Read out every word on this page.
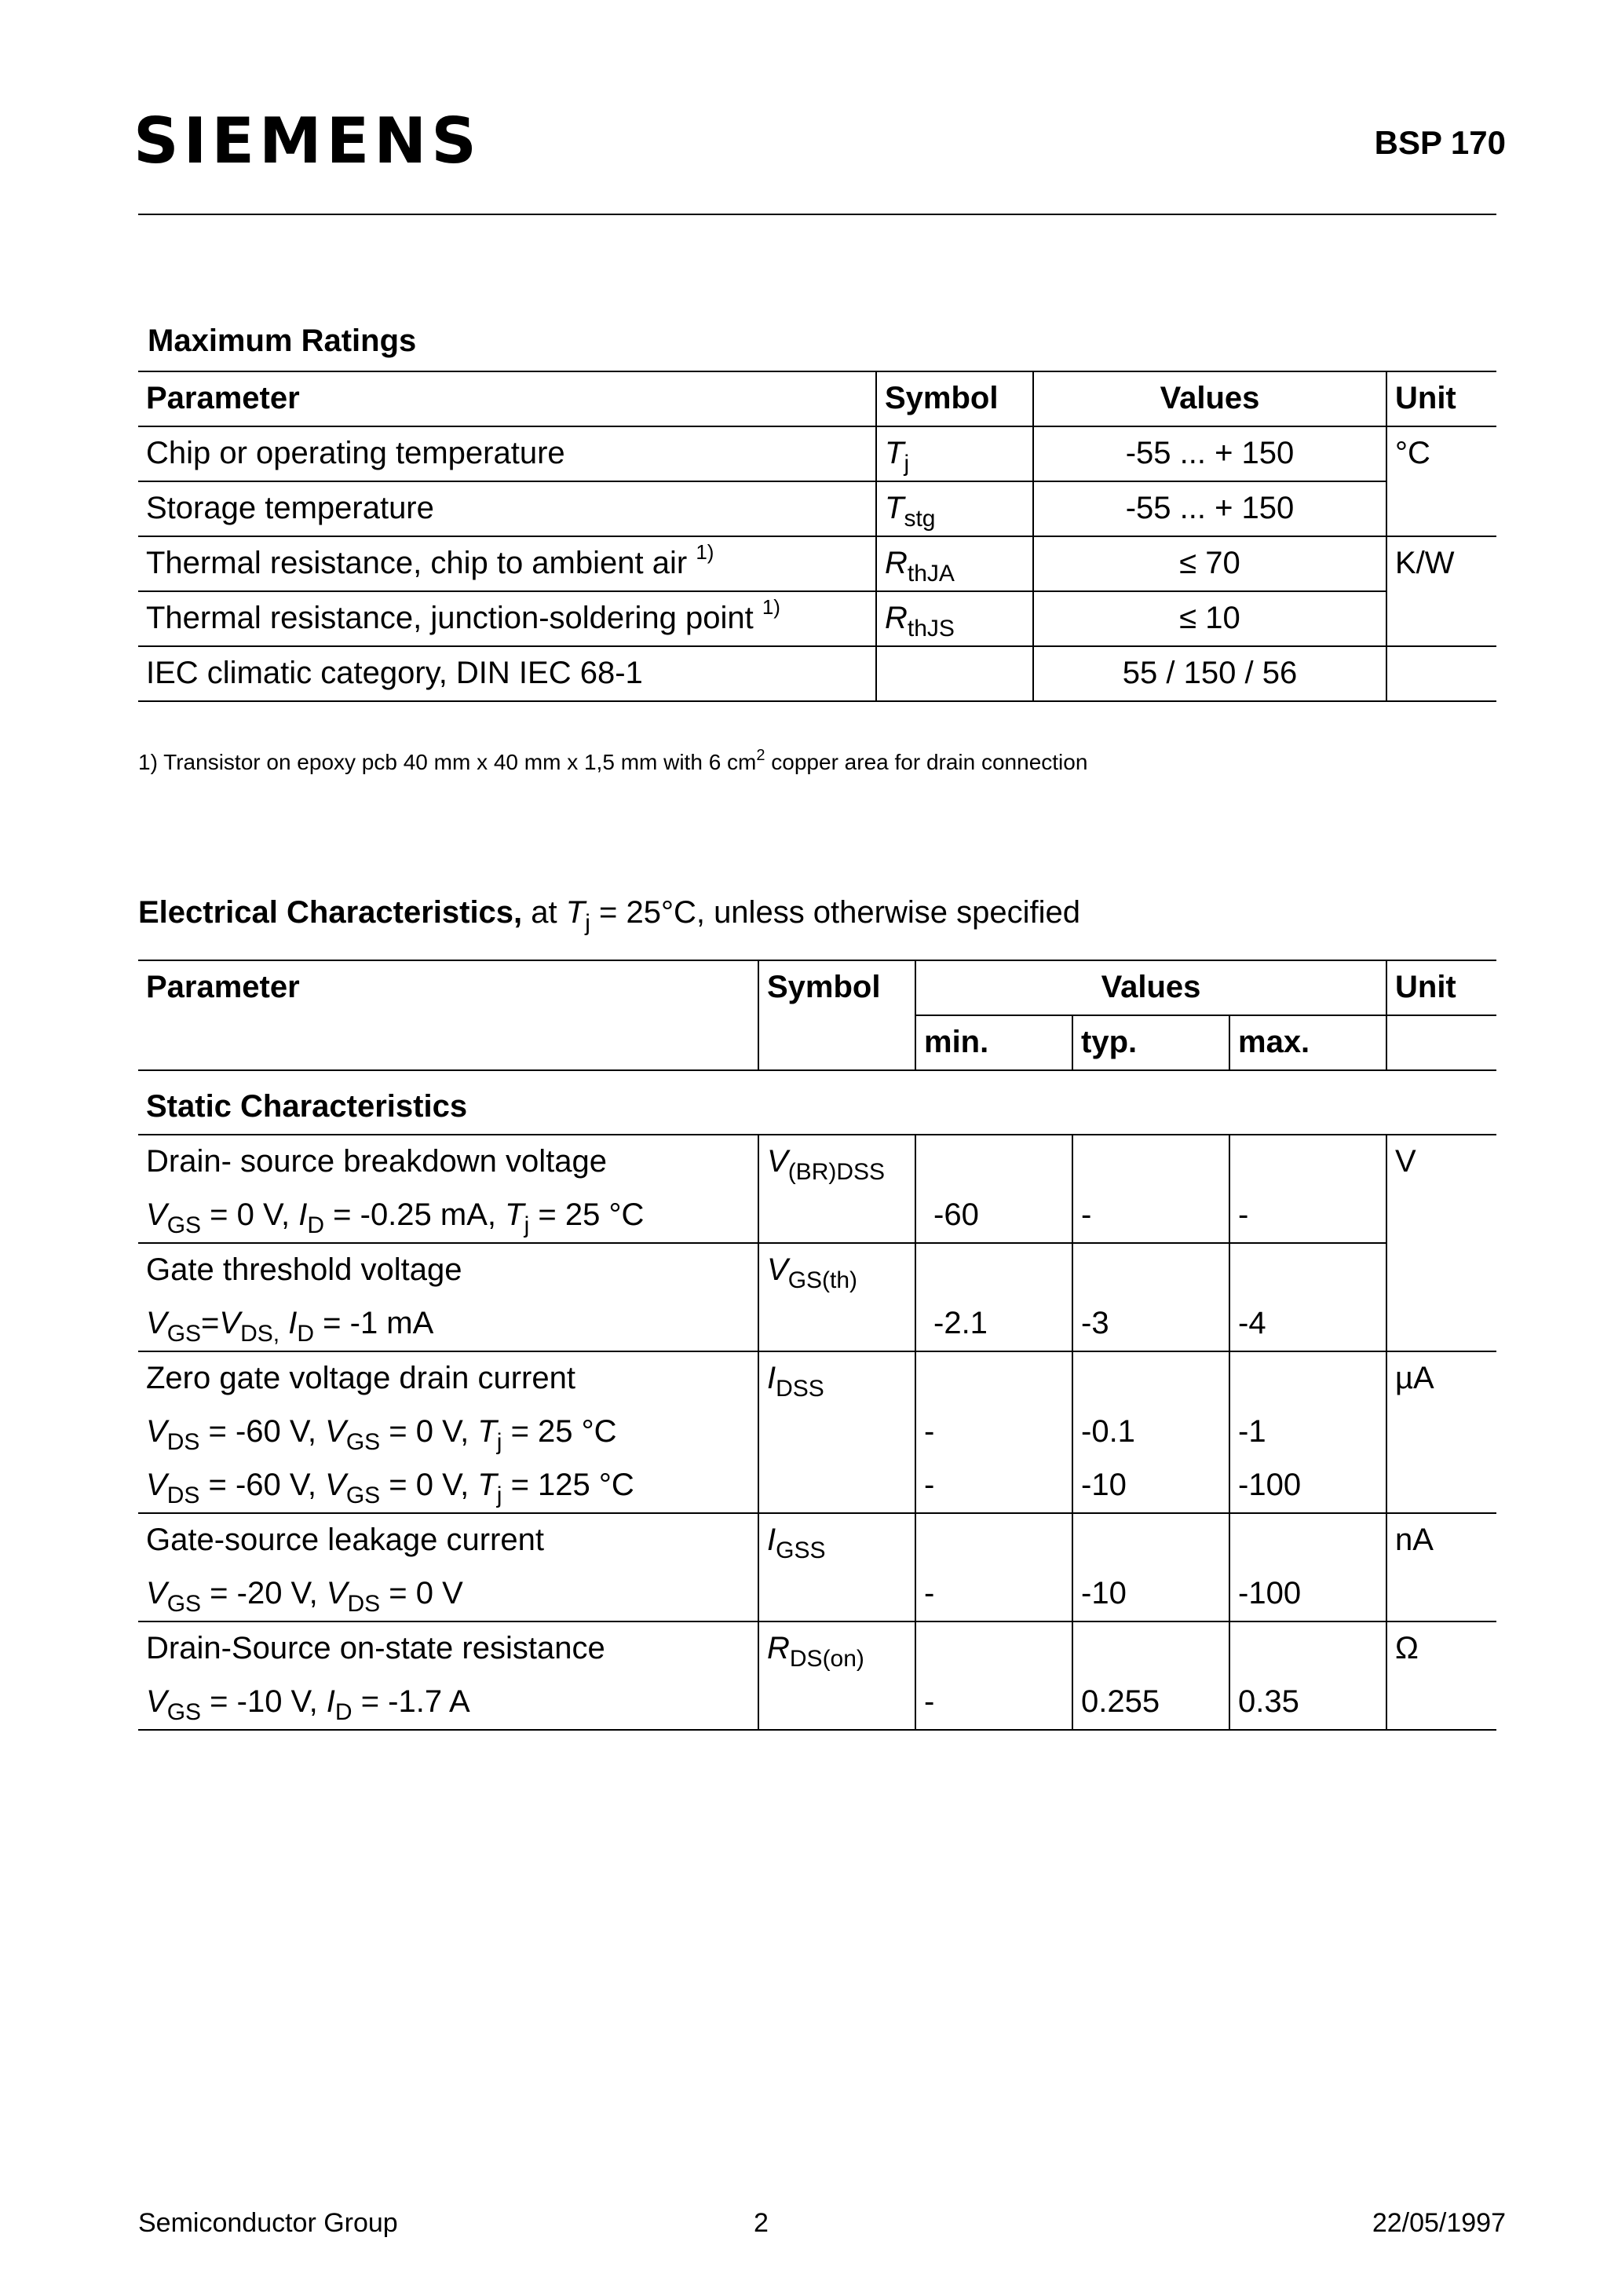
SIEMENS	BSP 170
Maximum Ratings
Parameter	Symbol	Values	Unit
Chip or operating temperature	$T_j$	-55 ... + 150	°C
Storage temperature	$T_{stg}$	-55 ... + 150	
Thermal resistance, chip to ambient air $^{1)}$	$R_{thJA}$	≤ 70	K/W
Thermal resistance, junction-soldering point $^{1)}$	$R_{thJS}$	≤ 10	
IEC climatic category, DIN IEC 68-1		55 / 150 / 56	
1) Transistor on epoxy pcb 40 mm x 40 mm x 1,5 mm with 6 $cm^2$ copper area for drain connection
Electrical Characteristics, at $T_j = 25^\circ C$, unless otherwise specified
Parameter	Symbol	Values			Unit
		min.	typ.	max.	

Static Characteristics					
Drain- source breakdown voltage	$V_{(BR)DSS}$				V
$V_{GS} = 0$ V, $I_D = -0.25$ mA, $T_j = 25$ °C		-60	-	-	
Gate threshold voltage	$V_{GS(th)}$				
$V_{GS}=V_{DS,}$ $I_D = -1$ mA		-2.1	-3	-4	
Zero gate voltage drain current	$I_{DSS}$				µA
$V_{DS} = -60$ V, $V_{GS} = 0$ V, $T_j = 25$ °C		-	-0.1	-1	
$V_{DS} = -60$ V, $V_{GS} = 0$ V, $T_j = 125$ °C		-	-10	-100	
Gate-source leakage current	$I_{GSS}$				nA
$V_{GS} = -20$ V, $V_{DS} = 0$ V		-	-10	-100	
Drain-Source on-state resistance	$R_{DS(on)}$				Ω
$V_{GS} = -10$ V, $I_D = -1.7$ A		-	0.255	0.35	
Semiconductor Group	2	22/05/1997
